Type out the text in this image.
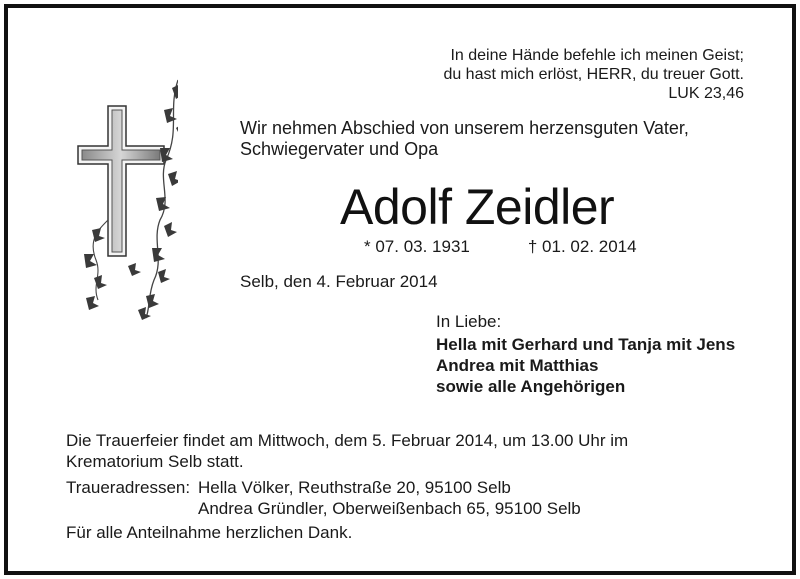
In deine Hände befehle ich meinen Geist;
du hast mich erlöst, HERR, du treuer Gott.
LUK 23,46
Wir nehmen Abschied von unserem herzensguten Vater,
Schwiegervater und Opa
Adolf Zeidler
* 07. 03. 1931	† 01. 02. 2014
Selb, den 4. Februar 2014
In Liebe:
Hella mit Gerhard und Tanja mit Jens
Andrea mit Matthias
sowie alle Angehörigen
Die Trauerfeier findet am Mittwoch, dem 5. Februar 2014, um 13.00 Uhr im
Krematorium Selb statt.
Traueradressen: Hella Völker, Reuthstraße 20, 95100 Selb
Andrea Gründler, Oberweißenbach 65, 95100 Selb
Für alle Anteilnahme herzlichen Dank.
